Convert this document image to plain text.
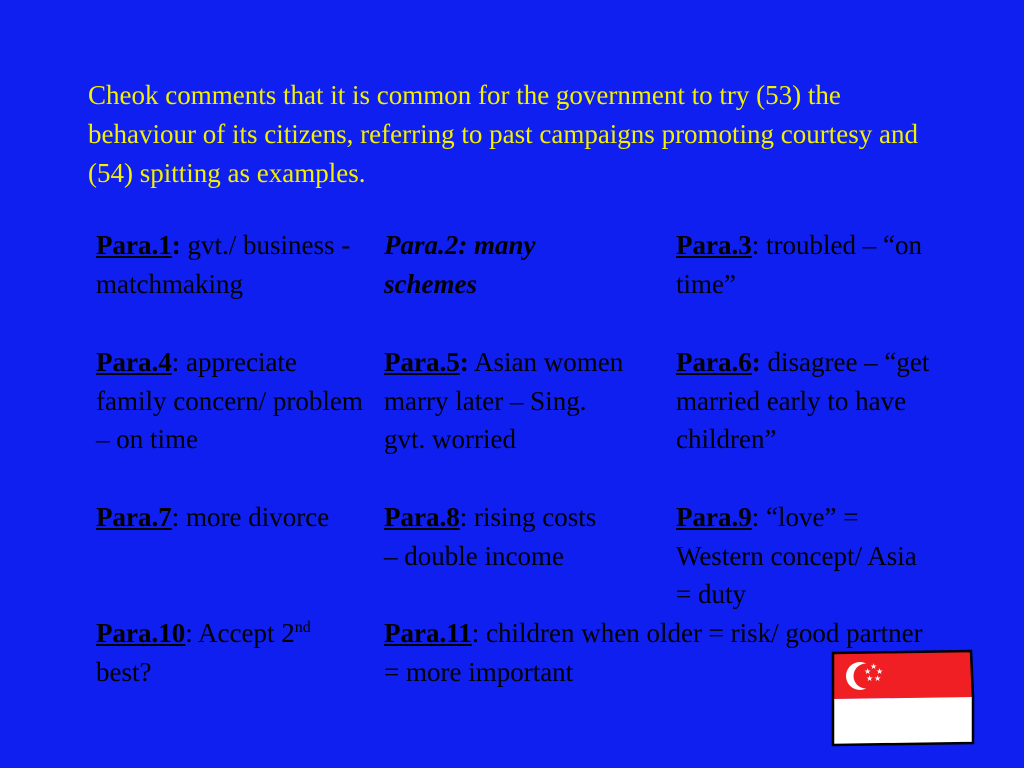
Cheok comments that it is common for the government to try (53) the behaviour of its citizens, referring to past campaigns promoting courtesy and (54) spitting as examples.

Para.1: gvt./ business - matchmaking
Para.2: many schemes
Para.3: troubled – “on time”
Para.4: appreciate family concern/ problem – on time
Para.5: Asian women marry later – Sing. gvt. worried
Para.6: disagree – “get married early to have children”
Para.7: more divorce	Para.8: rising costs – double income
Para.9: “love” = Western concept/ Asia = duty
Para.10: Accept 2nd best?
Para.11: children when older = risk/ good partner = more important	★
★
★
★ ★
